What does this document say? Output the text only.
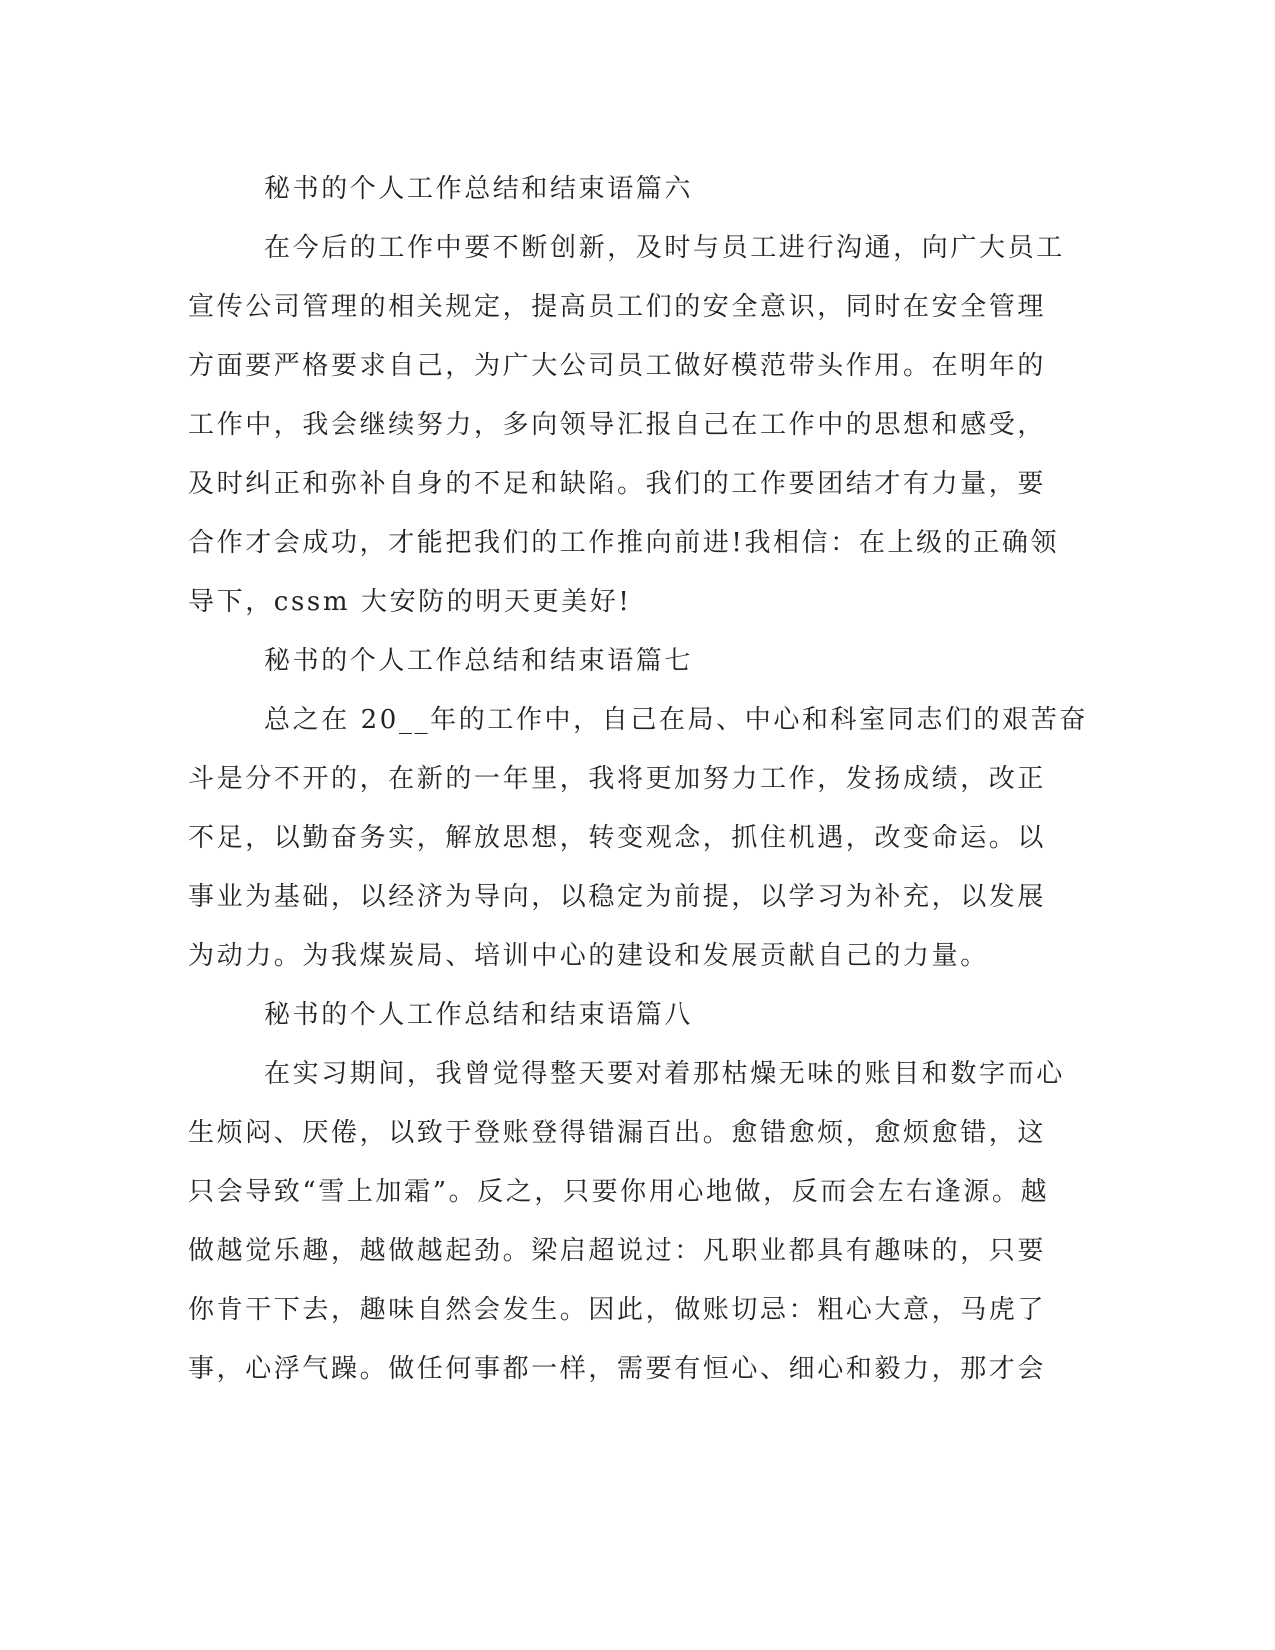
秘书的个人工作总结和结束语篇六

在今后的工作中要不断创新，及时与员工进行沟通，向广大员工
宣传公司管理的相关规定，提高员工们的安全意识，同时在安全管理
方面要严格要求自己，为广大公司员工做好模范带头作用。在明年的
工作中，我会继续努力，多向领导汇报自己在工作中的思想和感受，
及时纠正和弥补自身的不足和缺陷。我们的工作要团结才有力量，要
合作才会成功，才能把我们的工作推向前进!我相信：在上级的正确领
导下，cssm 大安防的明天更美好!

秘书的个人工作总结和结束语篇七

总之在 20__年的工作中，自己在局、中心和科室同志们的艰苦奋
斗是分不开的，在新的一年里，我将更加努力工作，发扬成绩，改正
不足，以勤奋务实，解放思想，转变观念，抓住机遇，改变命运。以
事业为基础，以经济为导向，以稳定为前提，以学习为补充，以发展
为动力。为我煤炭局、培训中心的建设和发展贡献自己的力量。

秘书的个人工作总结和结束语篇八

在实习期间，我曾觉得整天要对着那枯燥无味的账目和数字而心
生烦闷、厌倦，以致于登账登得错漏百出。愈错愈烦，愈烦愈错，这
只会导致“雪上加霜”。反之，只要你用心地做，反而会左右逢源。越
做越觉乐趣，越做越起劲。梁启超说过：凡职业都具有趣味的，只要
你肯干下去，趣味自然会发生。因此，做账切忌：粗心大意，马虎了
事，心浮气躁。做任何事都一样，需要有恒心、细心和毅力，那才会
